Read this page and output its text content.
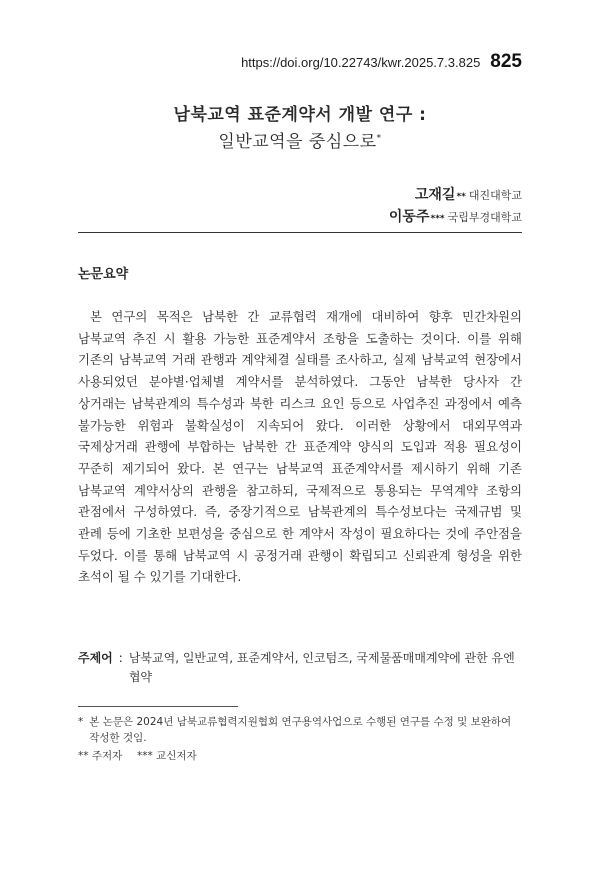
https://doi.org/10.22743/kwr.2025.7.3.825 825
남북교역 표준계약서 개발 연구 :
일반교역을 중심으로*
고재길 ** 대진대학교
이동주 *** 국립부경대학교
논문요약

본 연구의 목적은 남북한 간 교류협력 재개에 대비하여 향후 민간차원의 남북교역 추진 시 활용 가능한 표준계약서 조항을 도출하는 것이다. 이를 위해 기존의 남북교역 거래 관행과 계약체결 실태를 조사하고, 실제 남북교역 현장에서 사용되었던 분야별·업체별 계약서를 분석하였다. 그동안 남북한 당사자 간 상거래는 남북관계의 특수성과 북한 리스크 요인 등으로 사업추진 과정에서 예측 불가능한 위험과 불확실성이 지속되어 왔다. 이러한 상황에서 대외무역과 국제상거래 관행에 부합하는 남북한 간 표준계약 양식의 도입과 적용 필요성이 꾸준히 제기되어 왔다. 본 연구는 남북교역 표준계약서를 제시하기 위해 기존 남북교역 계약서상의 관행을 참고하되, 국제적으로 통용되는 무역계약 조항의 관점에서 구성하였다. 즉, 중장기적으로 남북관계의 특수성보다는 국제규범 및 관례 등에 기초한 보편성을 중심으로 한 계약서 작성이 필요하다는 것에 주안점을 두었다. 이를 통해 남북교역 시 공정거래 관행이 확립되고 신뢰관계 형성을 위한 초석이 될 수 있기를 기대한다.

주제어 : 남북교역, 일반교역, 표준계약서, 인코텀즈, 국제물품매매계약에 관한 유엔협약
* 본 논문은 2024년 남북교류협력지원협회 연구용역사업으로 수행된 연구를 수정 및 보완하여 작성한 것임.
** 주저자 *** 교신저자
